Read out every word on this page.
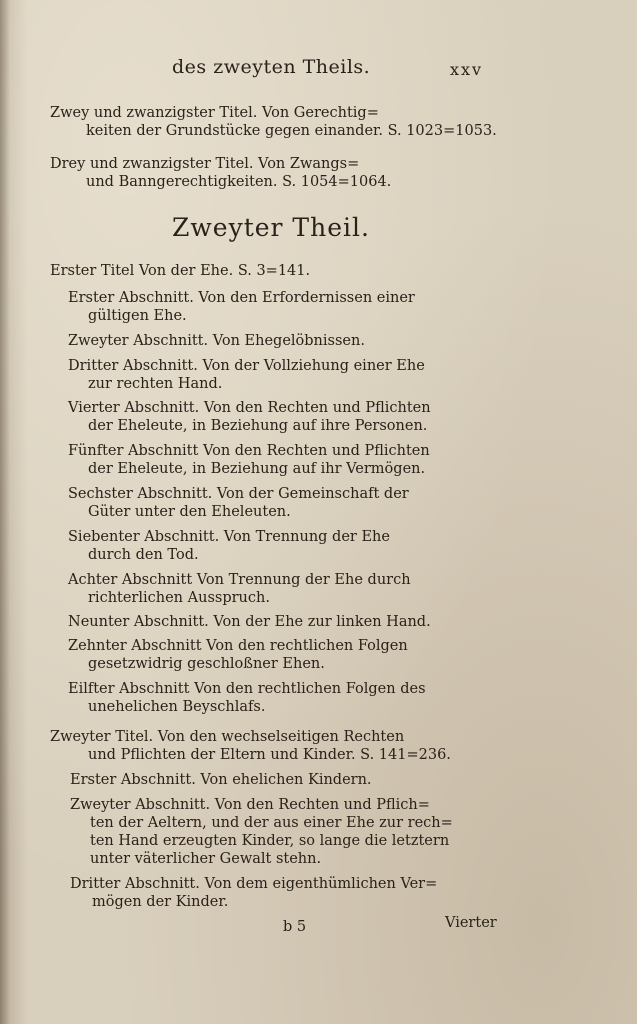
des zweyten Theils.	xxv
Zwey und zwanzigster Titel. Von Gerechtig=
keiten der Grundstücke gegen einander. S. 1023=1053.
Drey und zwanzigster Titel. Von Zwangs=
und Banngerechtigkeiten. S. 1054=1064.
Zweyter Theil.
Erster Titel Von der Ehe. S. 3=141.
Erster Abschnitt. Von den Erfordernissen einer
gültigen Ehe.
Zweyter Abschnitt. Von Ehegelöbnissen.
Dritter Abschnitt. Von der Vollziehung einer Ehe
zur rechten Hand.
Vierter Abschnitt. Von den Rechten und Pflichten
der Eheleute, in Beziehung auf ihre Personen.
Fünfter Abschnitt Von den Rechten und Pflichten
der Eheleute, in Beziehung auf ihr Vermögen.
Sechster Abschnitt. Von der Gemeinschaft der
Güter unter den Eheleuten.
Siebenter Abschnitt. Von Trennung der Ehe
durch den Tod.
Achter Abschnitt Von Trennung der Ehe durch
richterlichen Ausspruch.
Neunter Abschnitt. Von der Ehe zur linken Hand.
Zehnter Abschnitt Von den rechtlichen Folgen
gesetzwidrig geschloßner Ehen.
Eilfter Abschnitt Von den rechtlichen Folgen des
unehelichen Beyschlafs.
Zweyter Titel. Von den wechselseitigen Rechten
und Pflichten der Eltern und Kinder. S. 141=236.
Erster Abschnitt. Von ehelichen Kindern.
Zweyter Abschnitt. Von den Rechten und Pflich=
ten der Aeltern, und der aus einer Ehe zur rech=
ten Hand erzeugten Kinder, so lange die letztern
unter väterlicher Gewalt stehn.
Dritter Abschnitt. Von dem eigenthümlichen Ver=
mögen der Kinder.
b 5	Vierter
